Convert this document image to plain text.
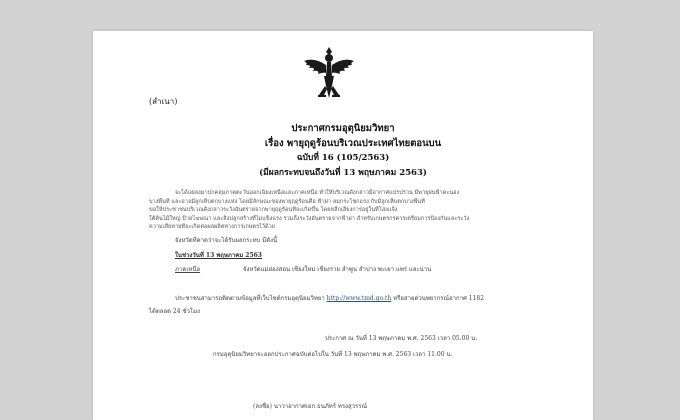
(สำเนา)
ประกาศกรมอุตุนิยมวิทยา
เรื่อง พายุฤดูร้อนบริเวณประเทศไทยตอนบน
ฉบับที่ 16 (105/2563)
(มีผลกระทบจนถึงวันที่ 13 พฤษภาคม 2563)
จะได้แผ่ลงมาปกคลุมภาคตะวันออกเฉียงเหนือและภาคเหนือ ทำให้บริเวณดังกล่าวมีอากาศแปรปรวน มีพายุฝนฟ้าคะนอง
บางพื้นที่ และอาจมีลูกเห็บตกบางแห่ง โดยมีลักษณะของพายุฤดูร้อนคือ ฟ้าผ่า ลมกระโชกแรง กับมีลูกเห็บตกบางพื้นที่
ขอให้ประชาชนบริเวณดังกล่าวระวังอันตรายจากพายุฤดูร้อนที่จะเกิดขึ้น โดยหลีกเลี่ยงการอยู่ในที่โล่งแจ้ง
ใต้ต้นไม้ใหญ่ ป้ายโฆษณา และสิ่งปลูกสร้างที่ไม่แข็งแรง รวมถึงระวังอันตรายจากฟ้าผ่า สำหรับเกษตรกรควรเตรียมการป้องกันและระวัง
ความเสียหายที่จะเกิดต่อผลผลิตทางการเกษตรไว้ด้วย
จังหวัดที่คาดว่าจะได้รับผลกระทบ มีดังนี้
ในช่วงวันที่ 13 พฤษภาคม 2563
ภาคเหนือ	จังหวัดแม่ฮ่องสอน เชียงใหม่ เชียงราย ลำพูน ลำปาง พะเยา แพร่ และน่าน
ประชาชนสามารถติดตามข้อมูลที่เว็บไซต์กรมอุตุนิยมวิทยา http://www.tmd.go.th หรือสายด่วนพยากรณ์อากาศ 1182
ได้ตลอด 24 ชั่วโมง
ประกาศ ณ วันที่ 13 พฤษภาคม พ.ศ. 2563 เวลา 05.00 น.
กรมอุตุนิยมวิทยาจะออกประกาศฉบับต่อไปใน วันที่ 13 พฤษภาคม พ.ศ. 2563 เวลา 11.00 น.
(ลงชื่อ) นาวาอากาศเอก ธนภัทร์ ทรงสุวรรณ์
